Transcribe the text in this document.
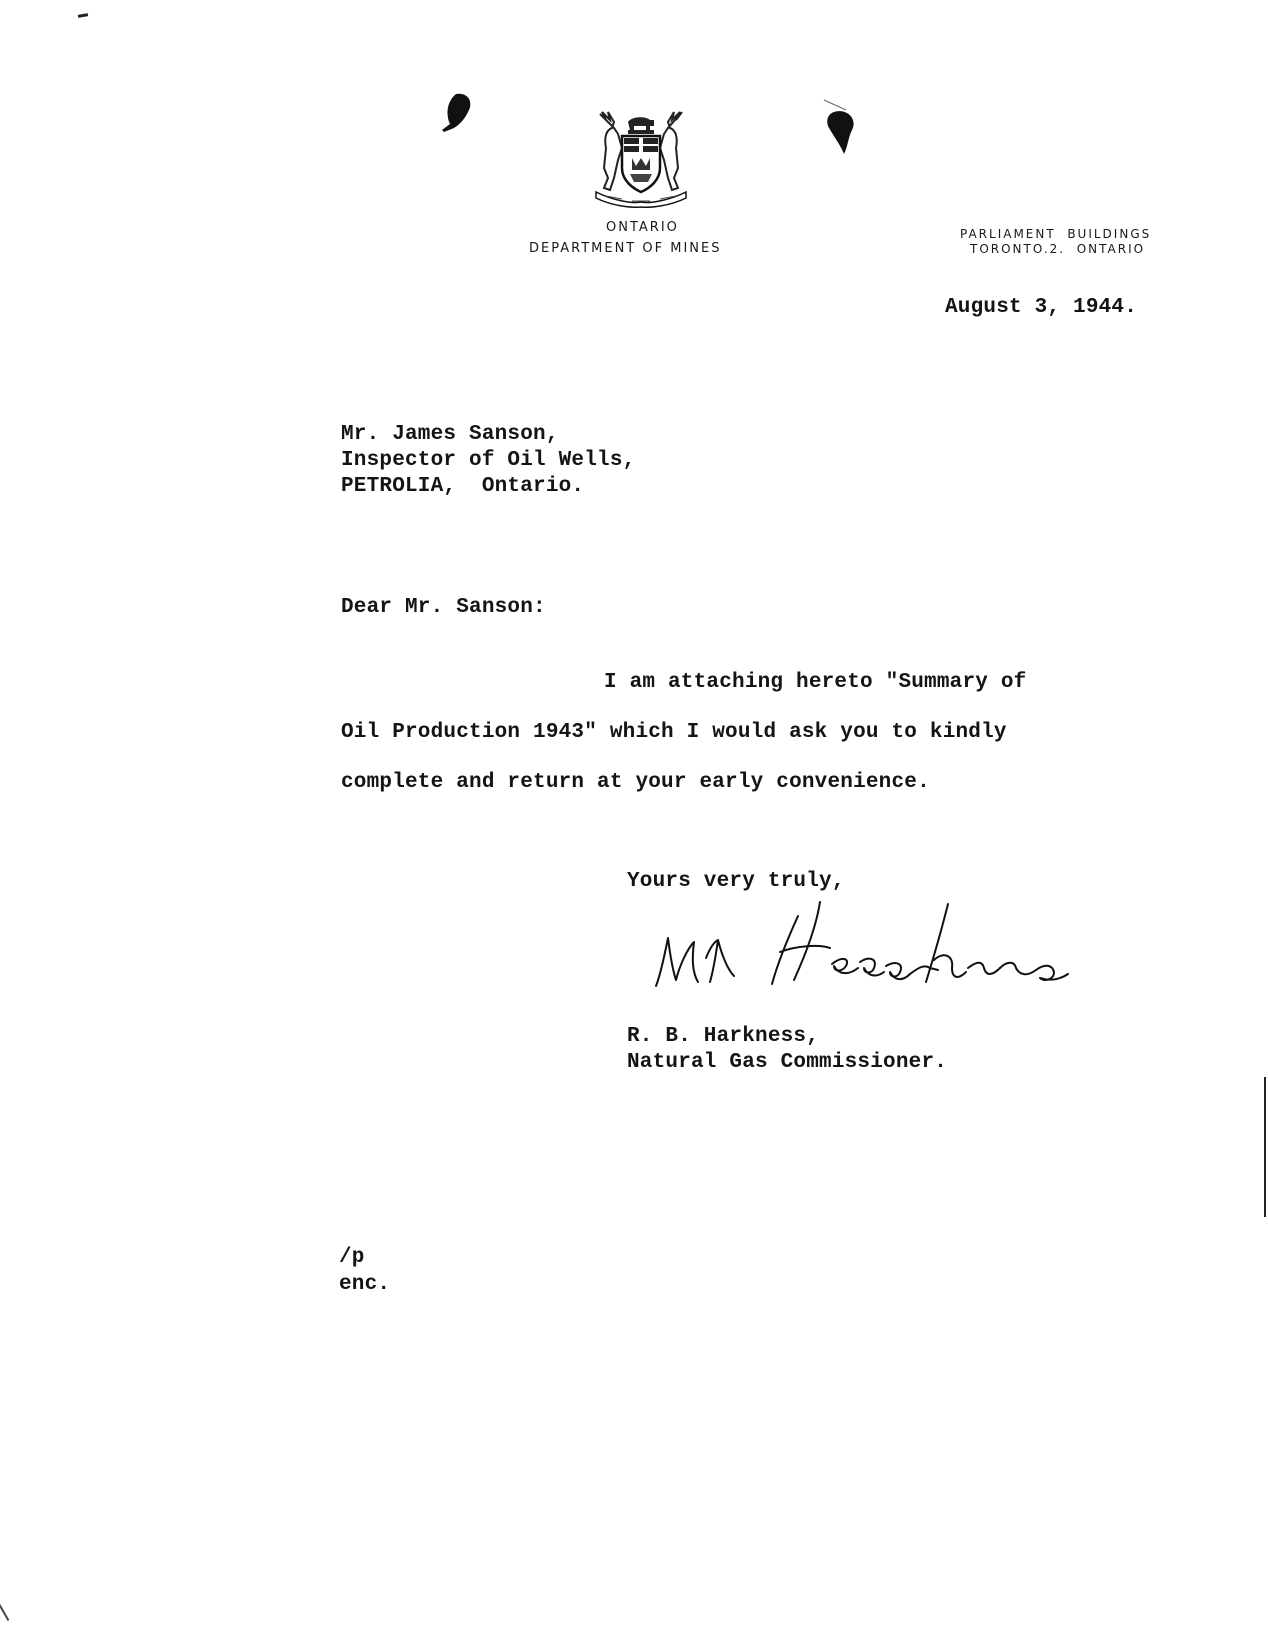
ONTARIO
DEPARTMENT OF MINES
PARLIAMENT  BUILDINGS
TORONTO.2.  ONTARIO
August 3, 1944.
Mr. James Sanson,
Inspector of Oil Wells,
PETROLIA,  Ontario.
Dear Mr. Sanson:
I am attaching hereto "Summary of
Oil Production 1943" which I would ask you to kindly
complete and return at your early convenience.
Yours very truly,
R. B. Harkness,
Natural Gas Commissioner.
/p
enc.
